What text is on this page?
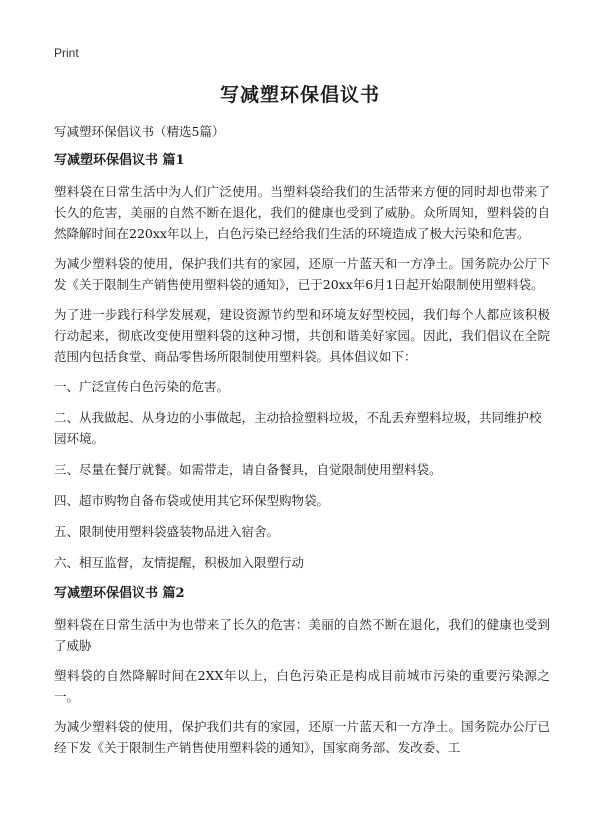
Print
写减塑环保倡议书

写减塑环保倡议书（精选5篇）

写减塑环保倡议书 篇1

塑料袋在日常生活中为人们广泛使用。当塑料袋给我们的生活带来方便的同时却也带来了长久的危害，美丽的自然不断在退化，我们的健康也受到了威胁。众所周知，塑料袋的自然降解时间在220xx年以上，白色污染已经给我们生活的环境造成了极大污染和危害。

为减少塑料袋的使用，保护我们共有的家园，还原一片蓝天和一方净土。国务院办公厅下发《关于限制生产销售使用塑料袋的通知》，已于20xx年6月1日起开始限制使用塑料袋。

为了进一步践行科学发展观，建设资源节约型和环境友好型校园，我们每个人都应该积极行动起来，彻底改变使用塑料袋的这种习惯，共创和谐美好家园。因此，我们倡议在全院范围内包括食堂、商品零售场所限制使用塑料袋。具体倡议如下：

一、广泛宣传白色污染的危害。

二、从我做起、从身边的小事做起，主动拾捡塑料垃圾，不乱丢弃塑料垃圾，共同维护校园环境。

三、尽量在餐厅就餐。如需带走，请自备餐具，自觉限制使用塑料袋。

四、超市购物自备布袋或使用其它环保型购物袋。

五、限制使用塑料袋盛装物品进入宿舍。

六、相互监督，友情提醒，积极加入限塑行动

写减塑环保倡议书 篇2

塑料袋在日常生活中为也带来了长久的危害：美丽的自然不断在退化，我们的健康也受到了威胁

塑料袋的自然降解时间在2XX年以上，白色污染正是构成目前城市污染的重要污染源之一。

为减少塑料袋的使用，保护我们共有的家园，还原一片蓝天和一方净土。国务院办公厅已经下发《关于限制生产销售使用塑料袋的通知》，国家商务部、发改委、工
